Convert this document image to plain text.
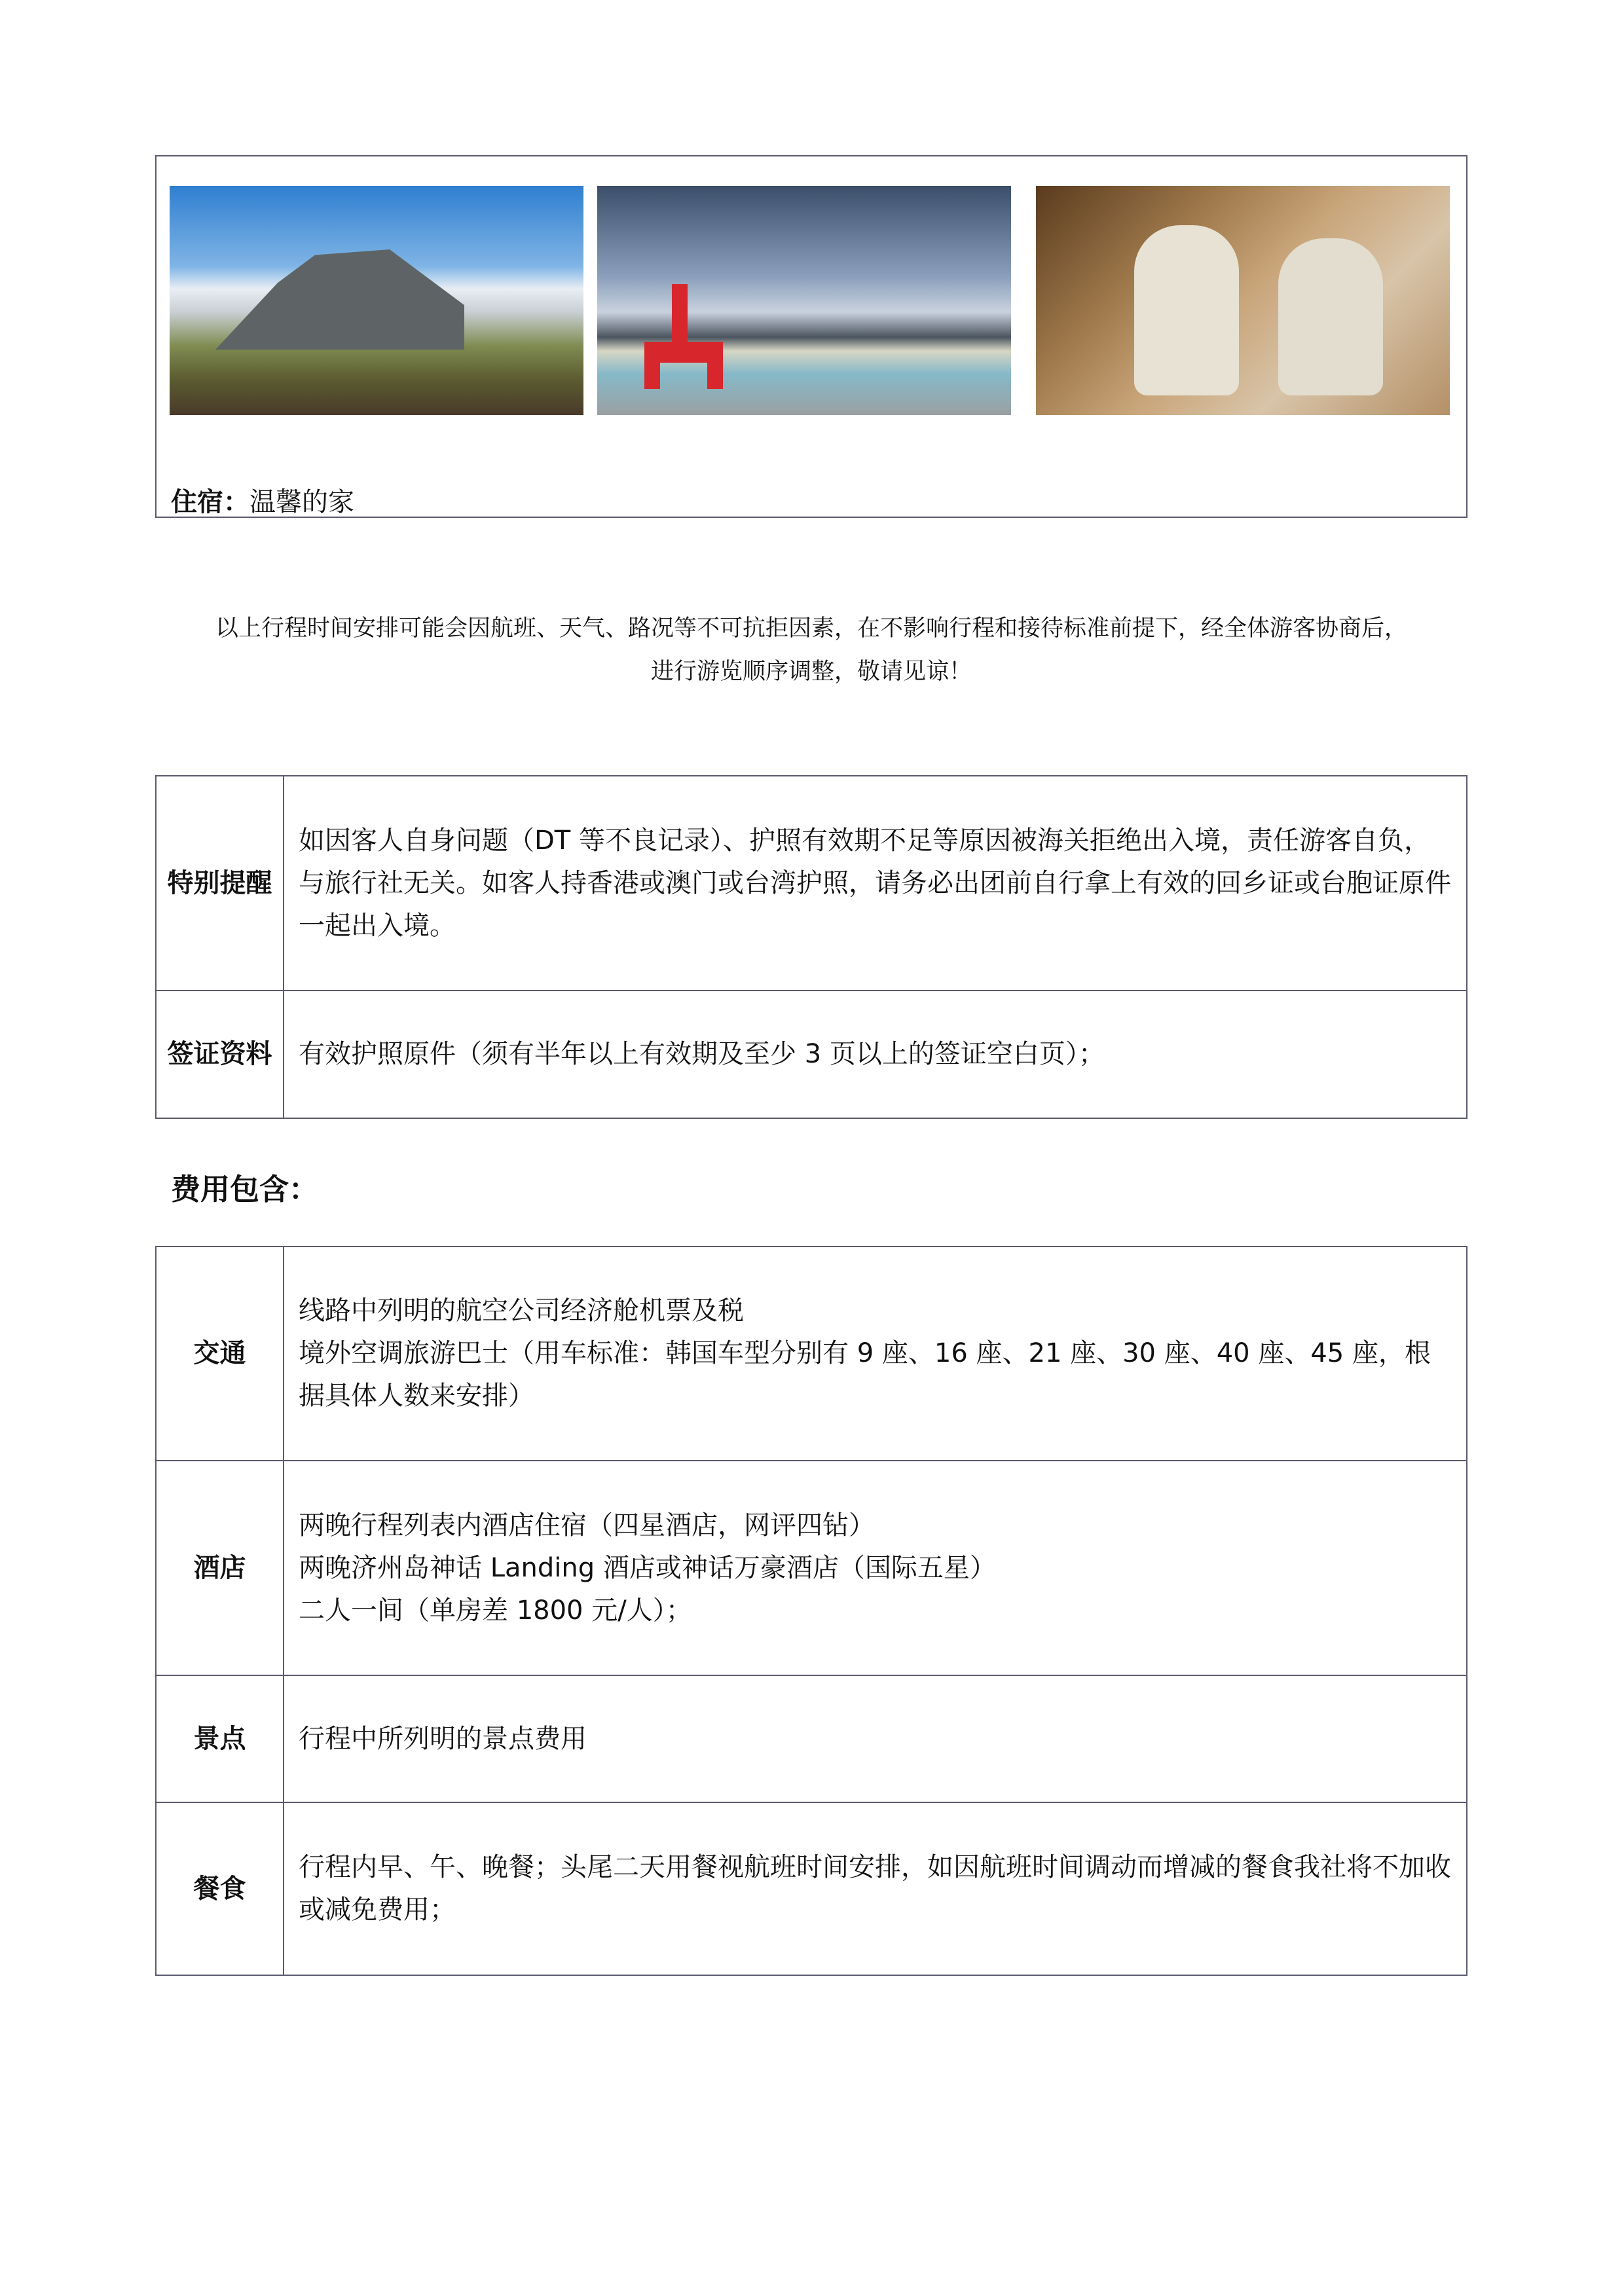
住宿：温馨的家
以上行程时间安排可能会因航班、天气、路况等不可抗拒因素，在不影响行程和接待标准前提下，经全体游客协商后，
进行游览顺序调整，敬请见谅！
特别提醒	如因客人自身问题（DT 等不良记录）、护照有效期不足等原因被海关拒绝出入境，责任游客自负，与旅行社无关。如客人持香港或澳门或台湾护照，请务必出团前自行拿上有效的回乡证或台胞证原件一起出入境。
签证资料	有效护照原件（须有半年以上有效期及至少 3 页以上的签证空白页）；
费用包含：
交通	线路中列明的航空公司经济舱机票及税
境外空调旅游巴士（用车标准：韩国车型分别有 9 座、16 座、21 座、30 座、40 座、45 座，根据具体人数来安排）

酒店	两晚行程列表内酒店住宿（四星酒店，网评四钻）
两晚济州岛神话 Landing 酒店或神话万豪酒店（国际五星）
二人一间（单房差 1800 元/人）；

景点	行程中所列明的景点费用
餐食	行程内早、午、晚餐；头尾二天用餐视航班时间安排，如因航班时间调动而增减的餐食我社将不加收或减免费用；
